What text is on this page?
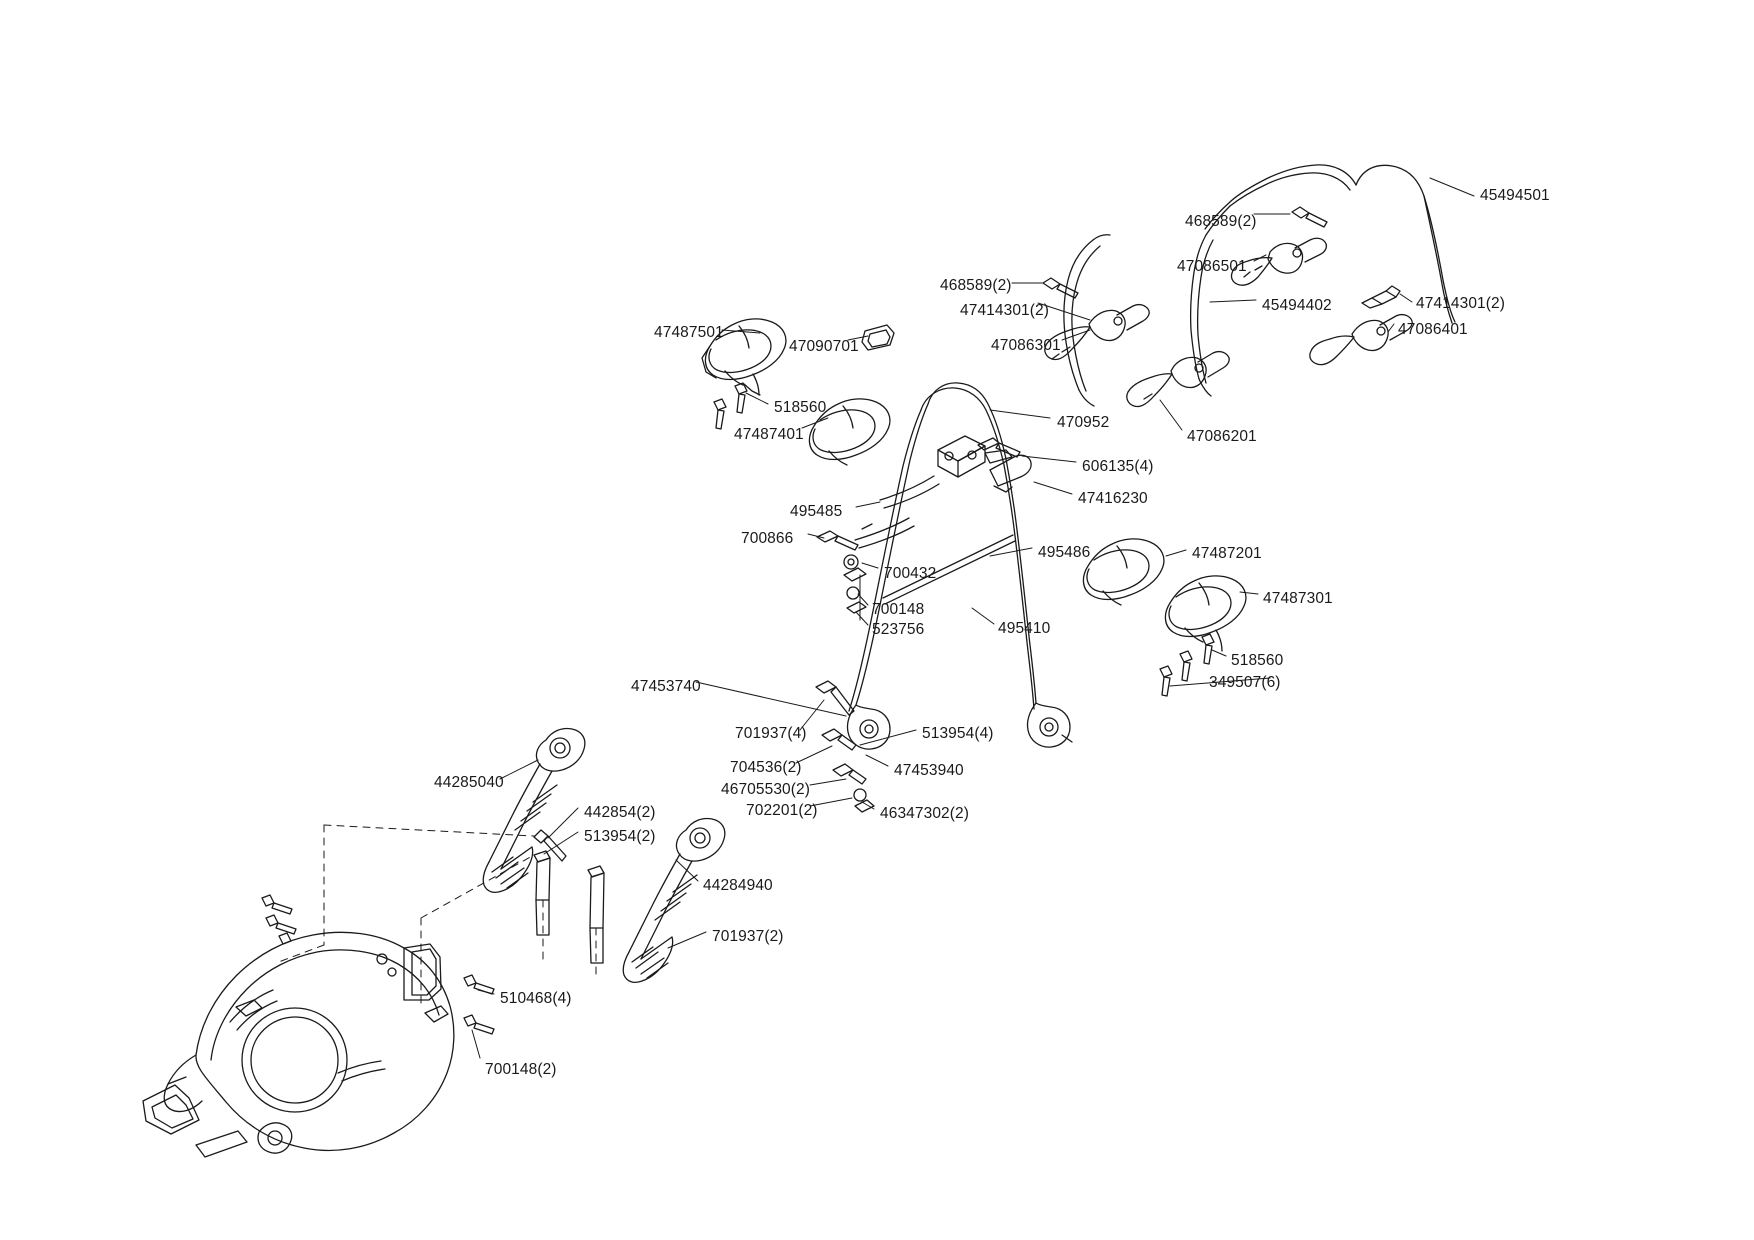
45494501
468589(2)
47086501
468589(2)
47414301(2)
47414301(2)	45494402
47086401
47487501
47086301
47090701
518560
470952
47487401	47086201
606135(4)
47416230
495485
700866
47487201
495486
700432
47487301
700148
495410
523756
518560
349507(6)
47453740
701937(4)	513954(4)
704536(2)	47453940
46705530(2)
44285040
702201(2)	46347302(2)
442854(2)
513954(2)
44284940
701937(2)
510468(4)
700148(2)
